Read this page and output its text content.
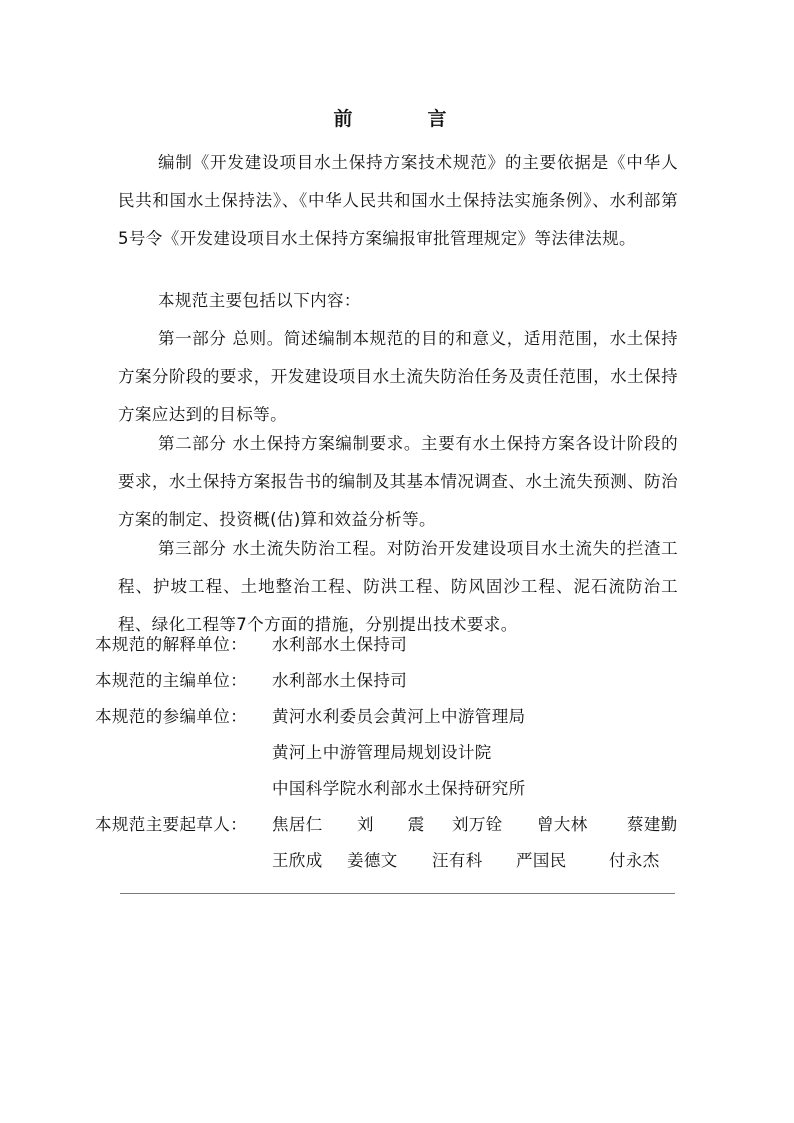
前　言

编制《开发建设项目水土保持方案技术规范》的主要依据是《中华人民共和国水土保持法》、《中华人民共和国水土保持法实施条例》、水利部第5号令《开发建设项目水土保持方案编报审批管理规定》等法律法规。

本规范主要包括以下内容：

第一部分 总则。简述编制本规范的目的和意义，适用范围，水土保持方案分阶段的要求，开发建设项目水土流失防治任务及责任范围，水土保持方案应达到的目标等。

第二部分 水土保持方案编制要求。主要有水土保持方案各设计阶段的要求，水土保持方案报告书的编制及其基本情况调查、水土流失预测、防治方案的制定、投资概(估)算和效益分析等。

第三部分 水土流失防治工程。对防治开发建设项目水土流失的拦渣工程、护坡工程、土地整治工程、防洪工程、防风固沙工程、泥石流防治工程、绿化工程等7个方面的措施，分别提出技术要求。

本规范的解释单位： 水利部水土保持司
本规范的主编单位： 水利部水土保持司
本规范的参编单位： 黄河水利委员会黄河上中游管理局
黄河上中游管理局规划设计院
中国科学院水利部水土保持研究所
本规范主要起草人： 焦居仁 刘　　震 刘万铨 曾大林 蔡建勤
王欣成 姜德文 汪有科 严国民	付永杰
